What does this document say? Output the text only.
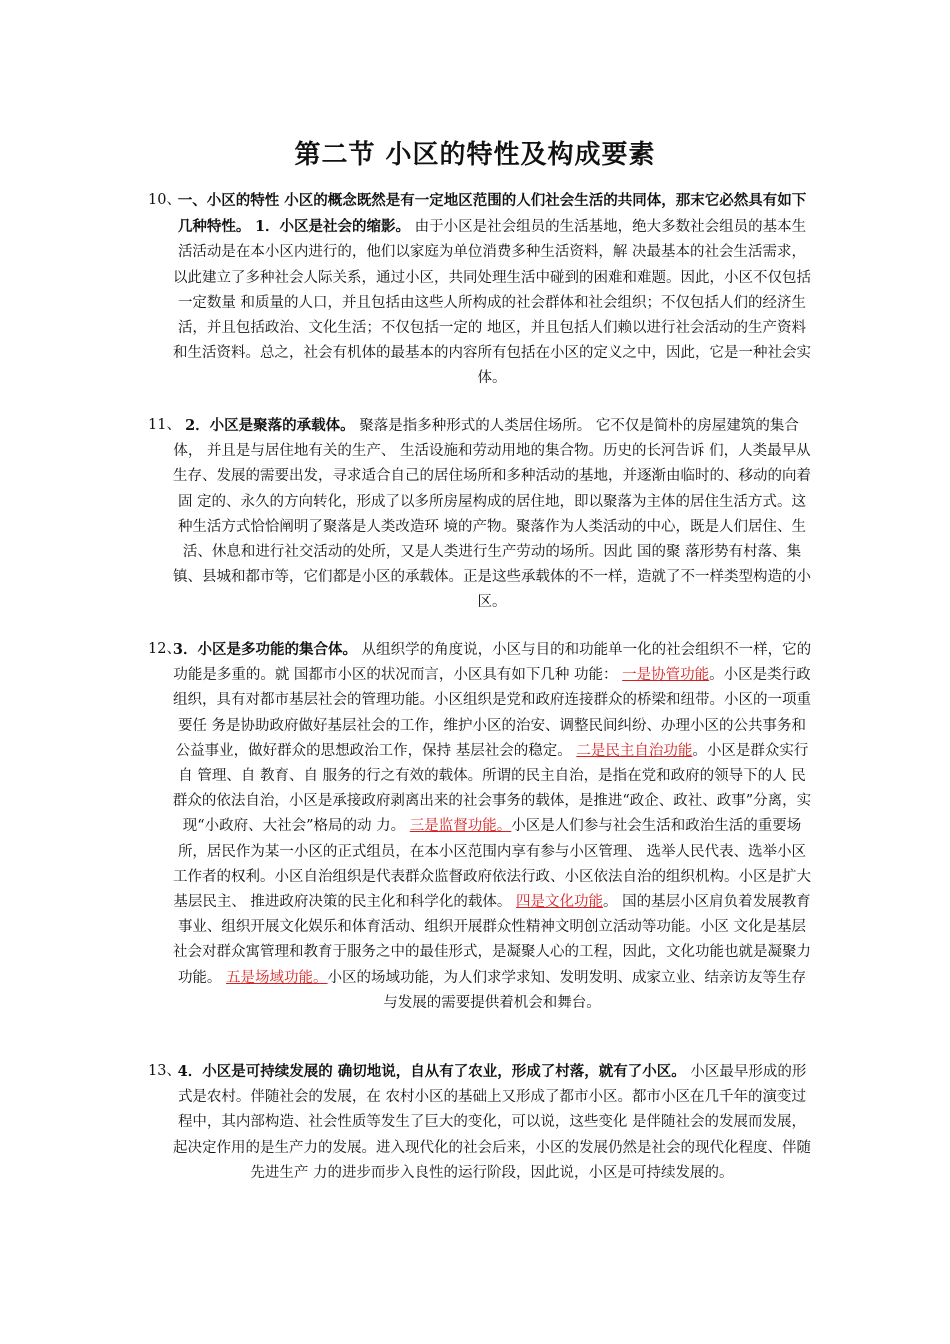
第二节 小区的特性及构成要素
10、
一、小区的特性 小区的概念既然是有一定地区范围的人们社会生活的共同体，那末它必然具有如下几种特性。 1．小区是社会的缩影。 由于小区是社会组员的生活基地，绝大多数社会组员的基本生活活动是在本小区内进行的，他们以家庭为单位消费多种生活资料，解 决最基本的社会生活需求，以此建立了多种社会人际关系，通过小区，共同处理生活中碰到的困难和难题。因此，小区不仅包括一定数量 和质量的人口，并且包括由这些人所构成的社会群体和社会组织；不仅包括人们的经济生活，并且包括政治、文化生活；不仅包括一定的 地区，并且包括人们赖以进行社会活动的生产资料和生活资料。总之，社会有机体的最基本的内容所有包括在小区的定义之中，因此，它是一种社会实体。
11、 2．小区是聚落的承载体。 聚落是指多种形式的人类居住场所。 它不仅是简朴的房屋建筑的集合体， 并且是与居住地有关的生产、 生活设施和劳动用地的集合物。历史的长河告诉 们，人类最早从生存、发展的需要出发，寻求适合自己的居住场所和多种活动的基地，并逐渐由临时的、移动的向着固 定的、永久的方向转化，形成了以多所房屋构成的居住地，即以聚落为主体的居住生活方式。这种生活方式恰恰阐明了聚落是人类改造环 境的产物。聚落作为人类活动的中心，既是人们居住、生活、休息和进行社交活动的处所，又是人类进行生产劳动的场所。因此 国的聚 落形势有村落、集镇、县城和都市等，它们都是小区的承载体。正是这些承载体的不一样，造就了不一样类型构造的小区。
12、
3．小区是多功能的集合体。 从组织学的角度说，小区与目的和功能单一化的社会组织不一样，它的功能是多重的。就 国都市小区的状况而言，小区具有如下几种 功能： 一是协管功能。小区是类行政组织，具有对都市基层社会的管理功能。小区组织是党和政府连接群众的桥梁和纽带。小区的一项重要任 务是协助政府做好基层社会的工作，维护小区的治安、调整民间纠纷、办理小区的公共事务和公益事业，做好群众的思想政治工作，保持 基层社会的稳定。 二是民主自治功能。小区是群众实行自 管理、自 教育、自 服务的行之有效的载体。所谓的民主自治，是指在党和政府的领导下的人 民群众的依法自治，小区是承接政府剥离出来的社会事务的载体，是推进“政企、政社、政事”分离，实现“小政府、大社会”格局的动 力。 三是监督功能。小区是人们参与社会生活和政治生活的重要场所，居民作为某一小区的正式组员，在本小区范围内享有参与小区管理、 选举人民代表、选举小区工作者的权利。小区自治组织是代表群众监督政府依法行政、小区依法自治的组织机构。小区是扩大基层民主、 推进政府决策的民主化和科学化的载体。 四是文化功能。 国的基层小区肩负着发展教育事业、组织开展文化娱乐和体育活动、组织开展群众性精神文明创立活动等功能。小区 文化是基层社会对群众寓管理和教育于服务之中的最佳形式，是凝聚人心的工程，因此，文化功能也就是凝聚力功能。 五是场域功能。小区的场域功能，为人们求学求知、发明发明、成家立业、结亲访友等生存与发展的需要提供着机会和舞台。
13、
4．小区是可持续发展的 确切地说，自从有了农业，形成了村落，就有了小区。 小区最早形成的形式是农村。伴随社会的发展，在 农村小区的基础上又形成了都市小区。都市小区在几千年的演变过程中，其内部构造、社会性质等发生了巨大的变化，可以说，这些变化 是伴随社会的发展而发展，起决定作用的是生产力的发展。进入现代化的社会后来，小区的发展仍然是社会的现代化程度、伴随先进生产 力的进步而步入良性的运行阶段，因此说，小区是可持续发展的。
